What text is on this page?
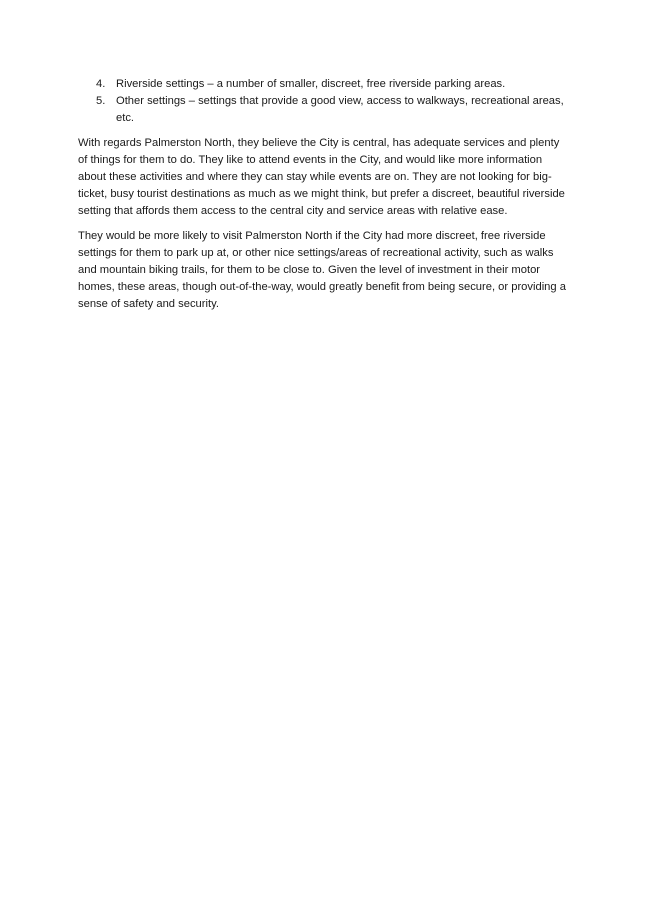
4. Riverside settings – a number of smaller, discreet, free riverside parking areas.
5. Other settings – settings that provide a good view, access to walkways, recreational areas, etc.

With regards Palmerston North, they believe the City is central, has adequate services and plenty of things for them to do. They like to attend events in the City, and would like more information about these activities and where they can stay while events are on. They are not looking for big-ticket, busy tourist destinations as much as we might think, but prefer a discreet, beautiful riverside setting that affords them access to the central city and service areas with relative ease.

They would be more likely to visit Palmerston North if the City had more discreet, free riverside settings for them to park up at, or other nice settings/areas of recreational activity, such as walks and mountain biking trails, for them to be close to. Given the level of investment in their motor homes, these areas, though out-of-the-way, would greatly benefit from being secure, or providing a sense of safety and security.
